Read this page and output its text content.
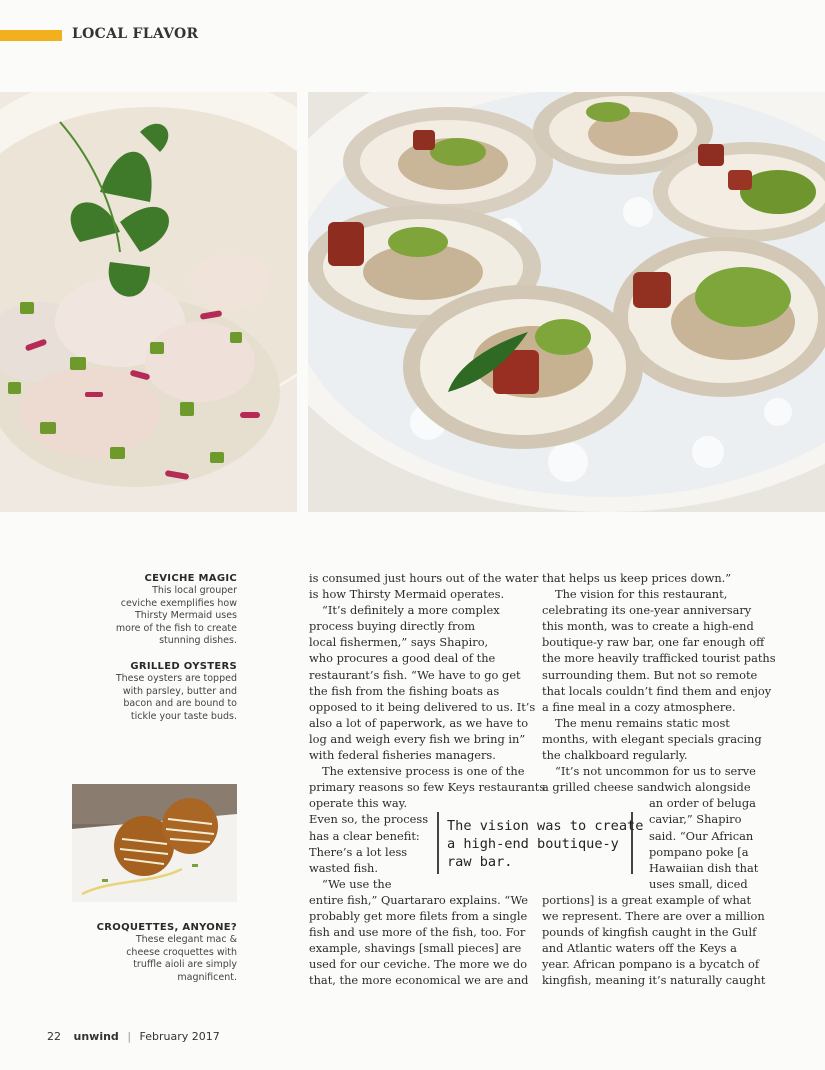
LOCAL FLAVOR

CEVICHE MAGIC

This local grouper

ceviche exemplifies how

Thirsty Mermaid uses

more of the fish to create

stunning dishes.

GRILLED OYSTERS

These oysters are topped

with parsley, butter and

bacon and are bound to

tickle your taste buds.

CROQUETTES, ANYONE?

These elegant mac &

cheese croquettes with

truffle aioli are simply

magnificent.

is consumed just hours out of the water

is how Thirsty Mermaid operates.

“It’s definitely a more complex

process buying directly from

local fishermen,” says Shapiro,

who procures a good deal of the

restaurant’s fish. “We have to go get

the fish from the fishing boats as

opposed to it being delivered to us. It’s

also a lot of paperwork, as we have to

log and weigh every fish we bring in”

with federal fisheries managers.

The extensive process is one of the

primary reasons so few Keys restaurants

operate this way.

Even so, the process

has a clear benefit:

There’s a lot less

wasted fish.

“We use the

entire fish,” Quartararo explains. “We

probably get more filets from a single

fish and use more of the fish, too. For

example, shavings [small pieces] are

used for our ceviche. The more we do

that, the more economical we are and

that helps us keep prices down.”

The vision for this restaurant,

celebrating its one-year anniversary

this month, was to create a high-end

boutique-y raw bar, one far enough off

the more heavily trafficked tourist paths

surrounding them. But not so remote

that locals couldn’t find them and enjoy

a fine meal in a cozy atmosphere.

The menu remains static most

months, with elegant specials gracing

the chalkboard regularly.

“It’s not uncommon for us to serve

a grilled cheese sandwich alongside

an order of beluga

caviar,” Shapiro

said. “Our African

pompano poke [a

Hawaiian dish that

uses small, diced

portions] is a great example of what

we represent. There are over a million

pounds of kingfish caught in the Gulf

and Atlantic waters off the Keys a

year. African pompano is a bycatch of

kingfish, meaning it’s naturally caught

The vision was to create
a high-end boutique-y
raw bar.
22 unwind | February 2017
